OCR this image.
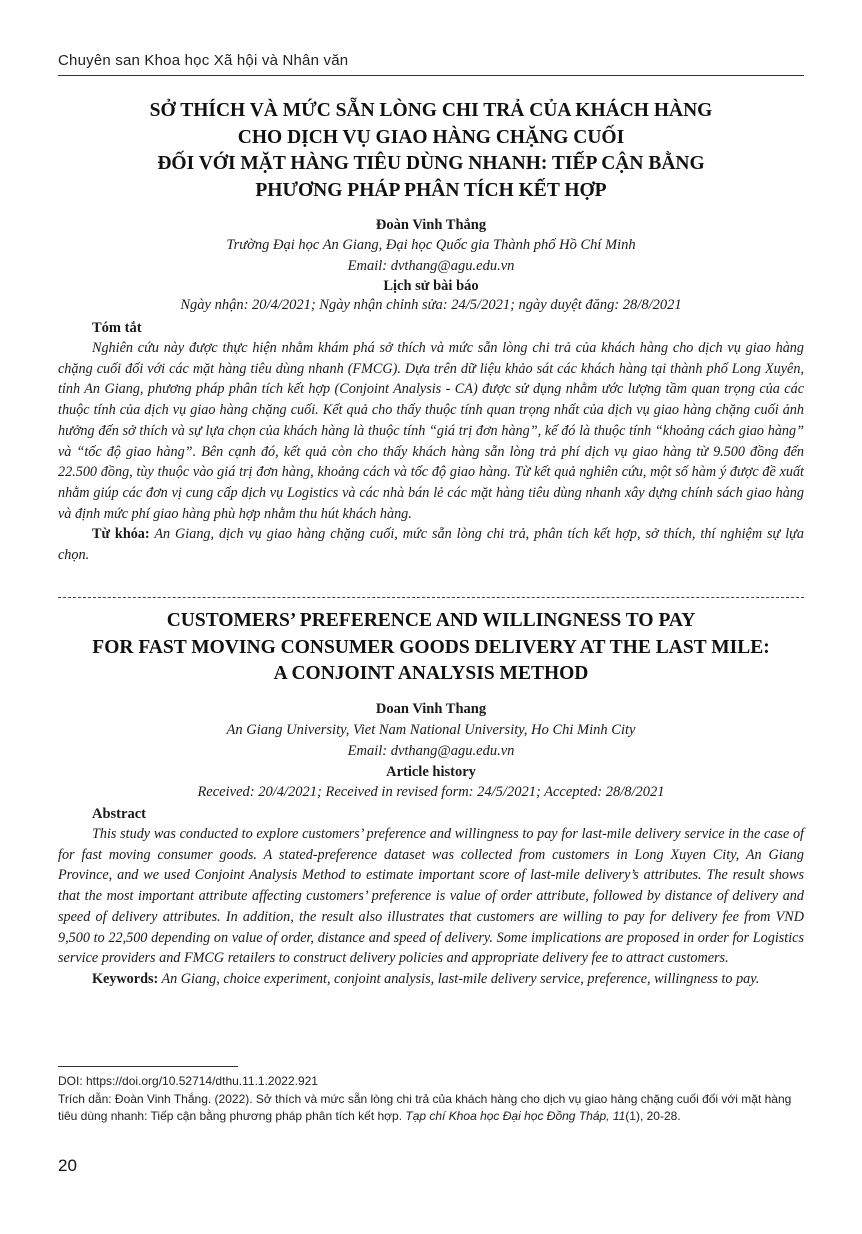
Chuyên san Khoa học Xã hội và Nhân văn
SỞ THÍCH VÀ MỨC SẴN LÒNG CHI TRẢ CỦA KHÁCH HÀNG
CHO DỊCH VỤ GIAO HÀNG CHẶNG CUỐI
ĐỐI VỚI MẶT HÀNG TIÊU DÙNG NHANH: TIẾP CẬN BẰNG
PHƯƠNG PHÁP PHÂN TÍCH KẾT HỢP
Đoàn Vinh Thắng
Trường Đại học An Giang, Đại học Quốc gia Thành phố Hồ Chí Minh
Email: dvthang@agu.edu.vn
Lịch sử bài báo
Ngày nhận: 20/4/2021; Ngày nhận chỉnh sửa: 24/5/2021; ngày duyệt đăng: 28/8/2021
Tóm tắt
Nghiên cứu này được thực hiện nhằm khám phá sở thích và mức sẵn lòng chi trả của khách hàng cho dịch vụ giao hàng chặng cuối đối với các mặt hàng tiêu dùng nhanh (FMCG). Dựa trên dữ liệu khảo sát các khách hàng tại thành phố Long Xuyên, tỉnh An Giang, phương pháp phân tích kết hợp (Conjoint Analysis - CA) được sử dụng nhằm ước lượng tầm quan trọng của các thuộc tính của dịch vụ giao hàng chặng cuối. Kết quả cho thấy thuộc tính quan trọng nhất của dịch vụ giao hàng chặng cuối ảnh hưởng đến sở thích và sự lựa chọn của khách hàng là thuộc tính “giá trị đơn hàng”, kế đó là thuộc tính “khoảng cách giao hàng” và “tốc độ giao hàng”. Bên cạnh đó, kết quả còn cho thấy khách hàng sẵn lòng trả phí dịch vụ giao hàng từ 9.500 đồng đến 22.500 đồng, tùy thuộc vào giá trị đơn hàng, khoảng cách và tốc độ giao hàng. Từ kết quả nghiên cứu, một số hàm ý được đề xuất nhằm giúp các đơn vị cung cấp dịch vụ Logistics và các nhà bán lẻ các mặt hàng tiêu dùng nhanh xây dựng chính sách giao hàng và định mức phí giao hàng phù hợp nhằm thu hút khách hàng.
Từ khóa: An Giang, dịch vụ giao hàng chặng cuối, mức sẵn lòng chi trả, phân tích kết hợp, sở thích, thí nghiệm sự lựa chọn.
CUSTOMERS’ PREFERENCE AND WILLINGNESS TO PAY
FOR FAST MOVING CONSUMER GOODS DELIVERY AT THE LAST MILE:
A CONJOINT ANALYSIS METHOD
Doan Vinh Thang
An Giang University, Viet Nam National University, Ho Chi Minh City
Email: dvthang@agu.edu.vn
Article history
Received: 20/4/2021; Received in revised form: 24/5/2021; Accepted: 28/8/2021
Abstract
This study was conducted to explore customers’ preference and willingness to pay for last-mile delivery service in the case of for fast moving consumer goods. A stated-preference dataset was collected from customers in Long Xuyen City, An Giang Province, and we used Conjoint Analysis Method to estimate important score of last-mile delivery’s attributes. The result shows that the most important attribute affecting customers’ preference is value of order attribute, followed by distance of delivery and speed of delivery attributes. In addition, the result also illustrates that customers are willing to pay for delivery fee from VND 9,500 to 22,500 depending on value of order, distance and speed of delivery. Some implications are proposed in order for Logistics service providers and FMCG retailers to construct delivery policies and appropriate delivery fee to attract customers.
Keywords: An Giang, choice experiment, conjoint analysis, last-mile delivery service, preference, willingness to pay.
DOI: https://doi.org/10.52714/dthu.11.1.2022.921
Trích dẫn: Đoàn Vinh Thắng. (2022). Sở thích và mức sẵn lòng chi trả của khách hàng cho dịch vụ giao hàng chặng cuối đối với mặt hàng tiêu dùng nhanh: Tiếp cận bằng phương pháp phân tích kết hợp. Tạp chí Khoa học Đại học Đồng Tháp, 11(1), 20-28.
20
